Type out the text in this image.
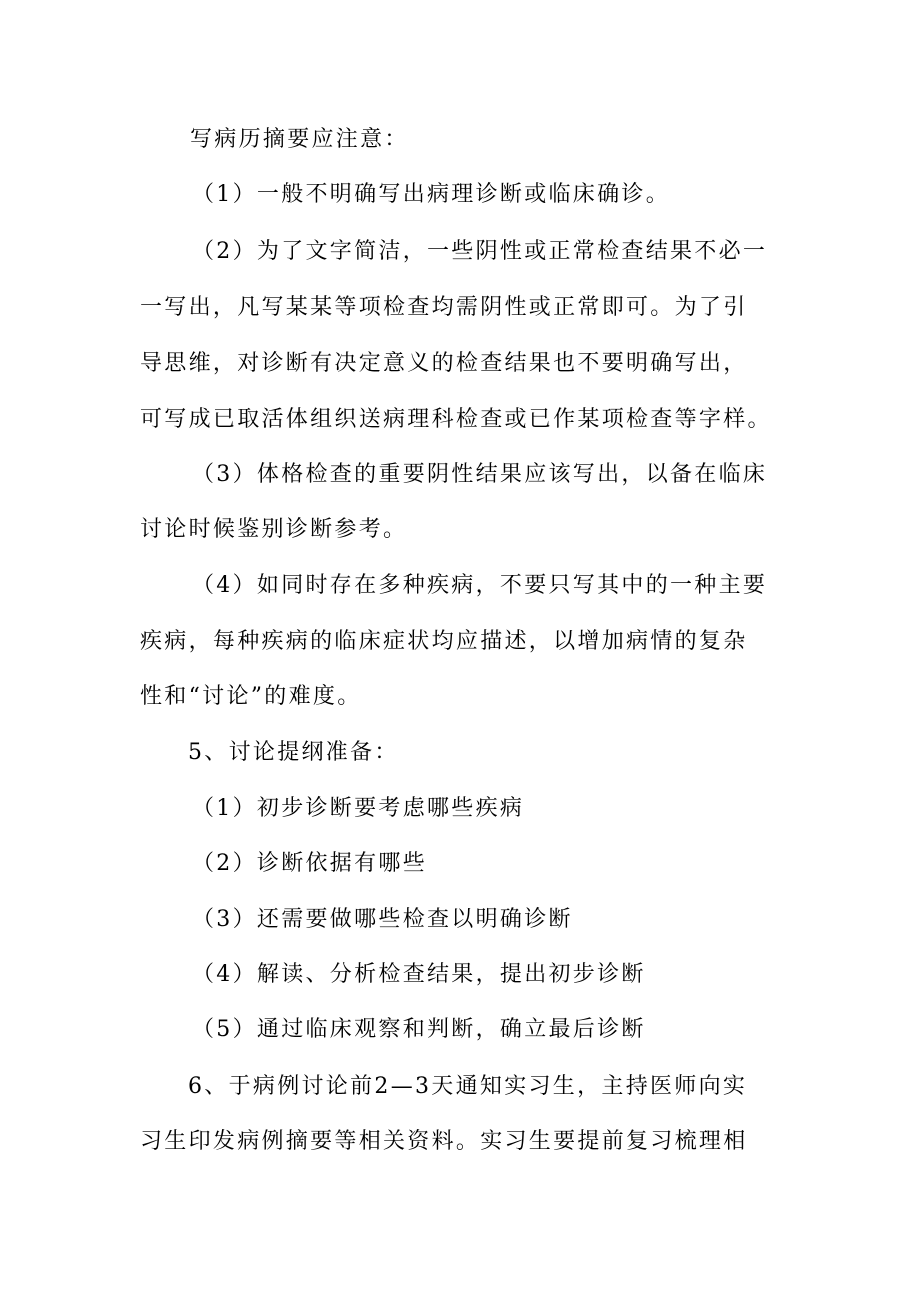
写病历摘要应注意：
（1）一般不明确写出病理诊断或临床确诊。
（2）为了文字简洁，一些阴性或正常检查结果不必一
一写出，凡写某某等项检查均需阴性或正常即可。为了引
导思维，对诊断有决定意义的检查结果也不要明确写出，
可写成已取活体组织送病理科检查或已作某项检查等字样。
（3）体格检查的重要阴性结果应该写出，以备在临床
讨论时候鉴别诊断参考。
（4）如同时存在多种疾病，不要只写其中的一种主要
疾病，每种疾病的临床症状均应描述，以增加病情的复杂
性和“讨论”的难度。
5、讨论提纲准备：
（1）初步诊断要考虑哪些疾病
（2）诊断依据有哪些
（3）还需要做哪些检查以明确诊断
（4）解读、分析检查结果，提出初步诊断
（5）通过临床观察和判断，确立最后诊断
6、于病例讨论前2—3天通知实习生，主持医师向实
习生印发病例摘要等相关资料。实习生要提前复习梳理相
